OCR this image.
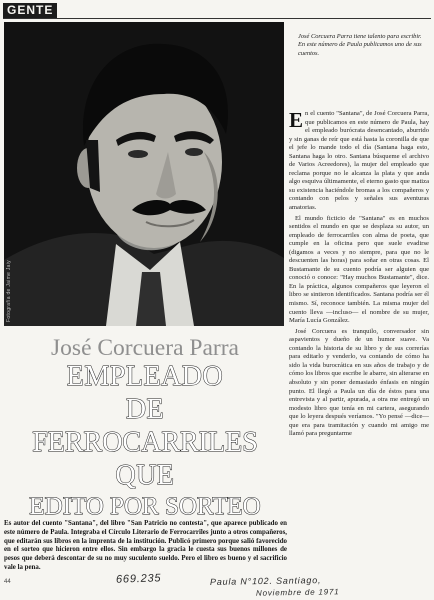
GENTE
Fotografía de Jaime Jaiy
José Corcuera Parra tiene talento para escribir. En este número de Paula publicamos uno de sus cuentos.

En el cuento "Santana", de José Corcuera Parra, que publicamos en este número de Paula, hay el empleado burócrata desencantado, aburrido y sin ganas de reír que está hasta la coronilla de que el jefe lo mande todo el día (Santana haga esto, Santana haga lo otro. Santana búsqueme el archivo de Varios Acreedores), la mujer del empleado que reclama porque no le alcanza la plata y que anda algo esquiva últimamente, el eterno gasto que matiza su existencia haciéndole bromas a los compañeros y contando con pelos y señales sus aventuras amatorias.

El mundo ficticio de "Santana" es en muchos sentidos el mundo en que se desplaza su autor, un empleado de ferrocarriles con alma de poeta, que cumple en la oficina pero que suele evadirse (digamos a veces y no siempre, para que no le descuenten las horas) para soñar en otras cosas. El Bustamante de su cuento podría ser alguien que conoció o conoce: "Hay muchos Bustamante", dice. En la práctica, algunos compañeros que leyeron el libro se sintieron identificados. Santana podría ser él mismo. Sí, reconoce también. La misma mujer del cuento lleva —incluso— el nombre de su mujer, María Lucía González.

José Corcuera es tranquilo, conversador sin aspavientos y dueño de un humor suave. Va contando la historia de su libro y de sus correrías para editarlo y venderlo, va contando de cómo ha sido la vida burocrática en sus años de trabajo y de cómo los libros que escribe le abarre, sin alterarse en absoluto y sin poner demasiado énfasis en ningún punto. El llegó a Paula un día de éstos para una entrevista y al partir, apurada, a otra me entregó un modesto libro que tenía en mi cartera, asegurando que lo leyera después veríamos. "Yo pensé —dice— que era para tramitación y cuando mi amigo me llamó para preguntarme

José Corcuera Parra
EMPLEADO
DE
FERROCARRILES
QUE
EDITO POR SORTEO
Es autor del cuento "Santana", del libro "San Patricio no contesta", que aparece publicado en este número de Paula. Integraba el Círculo Literario de Ferrocarriles junto a otros compañeros, que editarán sus libros en la imprenta de la institución. Publicó primero porque salió favorecido en el sorteo que hicieron entre ellos. Sin embargo la gracia le cuesta sus buenos millones de pesos que deberá descontar de su no muy suculento sueldo. Pero el libro es bueno y el sacrificio vale la pena.
44	669.235	Paula N°102. Santiago,
Noviembre de 1971
